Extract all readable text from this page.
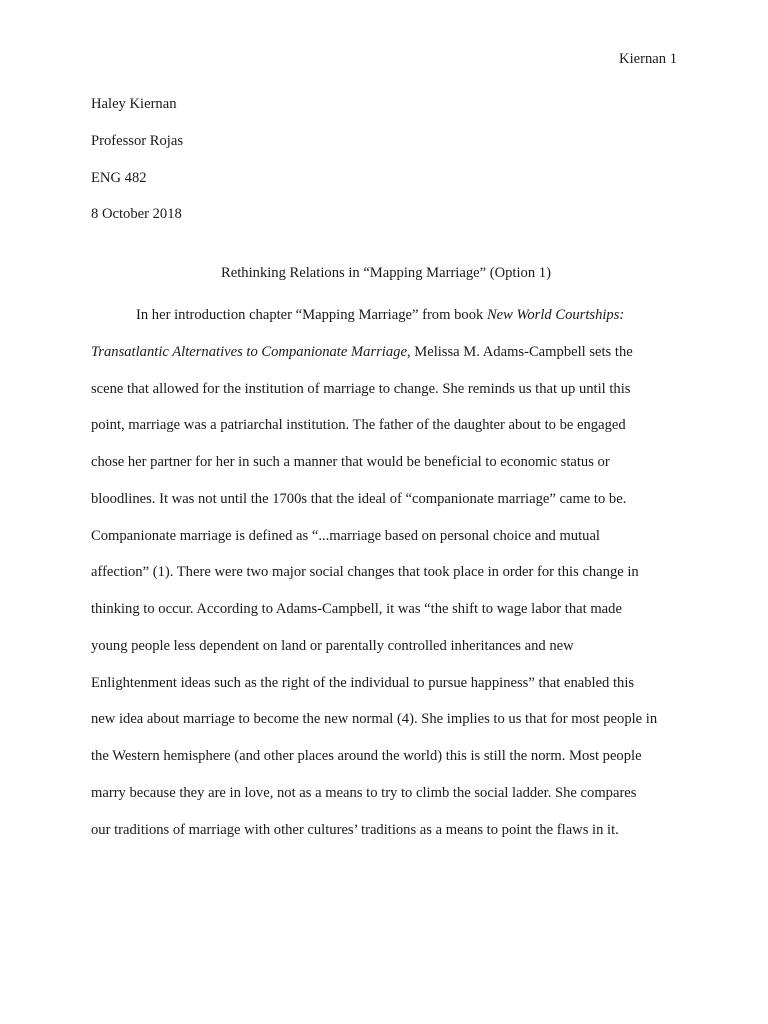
Kiernan 1
Haley Kiernan
Professor Rojas
ENG 482
8 October 2018
Rethinking Relations in “Mapping Marriage” (Option 1)
In her introduction chapter “Mapping Marriage” from book New World Courtships:
Transatlantic Alternatives to Companionate Marriage, Melissa M. Adams-Campbell sets the
scene that allowed for the institution of marriage to change. She reminds us that up until this
point, marriage was a patriarchal institution. The father of the daughter about to be engaged
chose her partner for her in such a manner that would be beneficial to economic status or
bloodlines. It was not until the 1700s that the ideal of “companionate marriage” came to be.
Companionate marriage is defined as “...marriage based on personal choice and mutual
affection” (1). There were two major social changes that took place in order for this change in
thinking to occur. According to Adams-Campbell, it was “the shift to wage labor that made
young people less dependent on land or parentally controlled inheritances and new
Enlightenment ideas such as the right of the individual to pursue happiness” that enabled this
new idea about marriage to become the new normal (4). She implies to us that for most people in
the Western hemisphere (and other places around the world) this is still the norm. Most people
marry because they are in love, not as a means to try to climb the social ladder. She compares
our traditions of marriage with other cultures’ traditions as a means to point the flaws in it.
